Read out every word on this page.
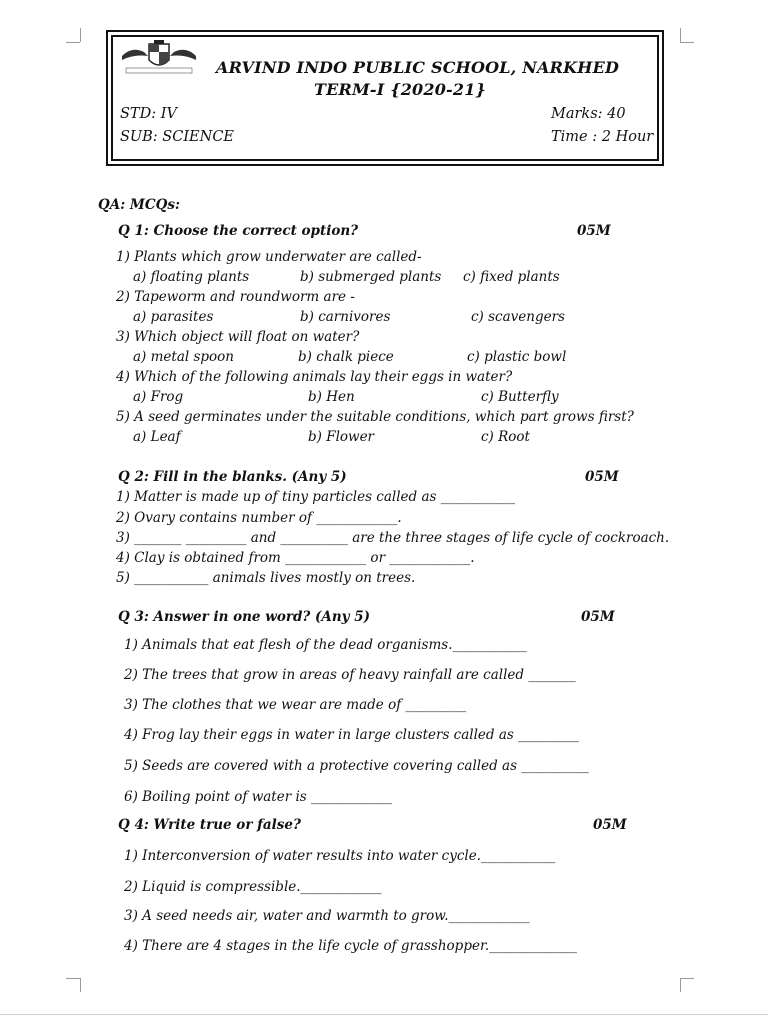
ARVIND INDO PUBLIC SCHOOL, NARKHED
TERM-I {2020-21}
STD: IV	Marks: 40
SUB: SCIENCE	Time : 2 Hour
QA: MCQs:
Q 1: Choose the correct option?	05M
1) Plants which grow underwater are called-
a) floating plants	b) submerged plants c) fixed plants
2) Tapeworm and roundworm are -
a) parasites	b) carnivores	c) scavengers
3) Which object will float on water?
a) metal spoon	b) chalk piece	c) plastic bowl
4) Which of the following animals lay their eggs in water?
a) Frog	b) Hen	c) Butterfly
5) A seed germinates under the suitable conditions, which part grows first?
a) Leaf	b) Flower	c) Root
Q 2: Fill in the blanks. (Any 5)	05M
1) Matter is made up of tiny particles called as ___________
2) Ovary contains number of ____________.
3) _______ _________ and __________ are the three stages of life cycle of cockroach.
4) Clay is obtained from ____________ or ____________.
5) ___________ animals lives mostly on trees.
Q 3: Answer in one word? (Any 5)	05M
1) Animals that eat flesh of the dead organisms.___________
2) The trees that grow in areas of heavy rainfall are called _______
3) The clothes that we wear are made of _________
4) Frog lay their eggs in water in large clusters called as _________
5) Seeds are covered with a protective covering called as __________
6) Boiling point of water is ____________
Q 4: Write true or false?	05M
1) Interconversion of water results into water cycle.___________
2) Liquid is compressible.____________
3) A seed needs air, water and warmth to grow.____________
4) There are 4 stages in the life cycle of grasshopper._____________
